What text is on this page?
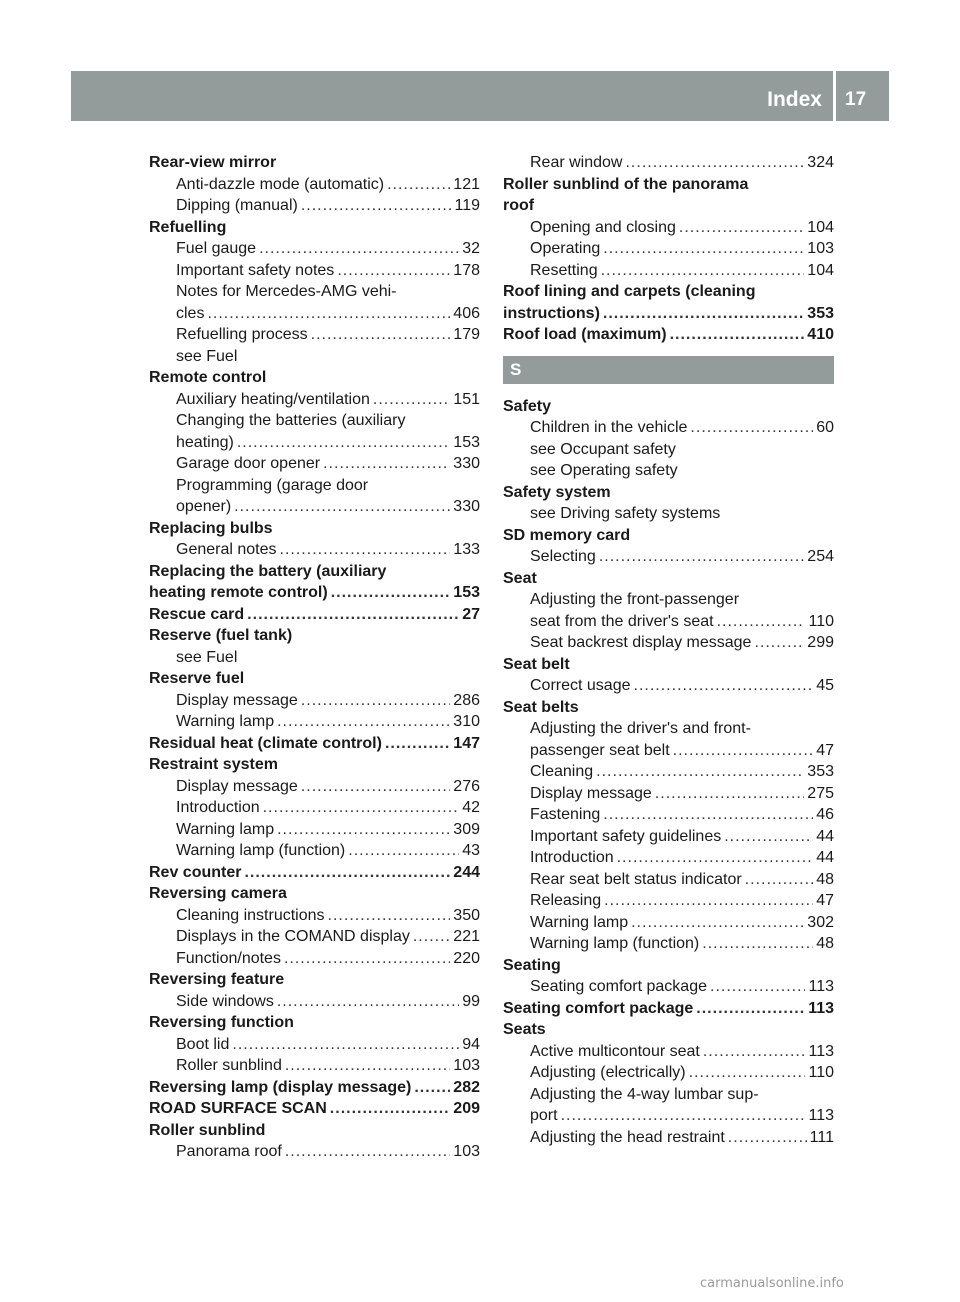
Index 17
Rear-view mirror
Anti-dazzle mode (automatic) .....	121
Dipping (manual) .....	119
Refuelling
Fuel gauge .....	32
Important safety notes .....	178
Notes for Mercedes-AMG vehi-
cles .....	406
Refuelling process .....	179
see Fuel
Remote control
Auxiliary heating/ventilation .....	151
Changing the batteries (auxiliary
heating) .....	153
Garage door opener .....	330
Programming (garage door
opener) .....	330
Replacing bulbs
General notes .....	133
Replacing the battery (auxiliary
heating remote control) .....	153
Rescue card .....	27
Reserve (fuel tank)
see Fuel
Reserve fuel
Display message .....	286
Warning lamp .....	310
Residual heat (climate control) .....	147
Restraint system
Display message .....	276
Introduction .....	42
Warning lamp .....	309
Warning lamp (function) .....	43
Rev counter .....	244
Reversing camera
Cleaning instructions .....	350
Displays in the COMAND display .....	221
Function/notes .....	220
Reversing feature
Side windows .....	99
Reversing function
Boot lid .....	94
Roller sunblind .....	103
Reversing lamp (display message) .....	282
ROAD SURFACE SCAN .....	209
Roller sunblind
Panorama roof .....	103
Rear window .....	324
Roller sunblind of the panorama
roof
Opening and closing .....	104
Operating .....	103
Resetting .....	104
Roof lining and carpets (cleaning
instructions) .....	353
Roof load (maximum) .....	410
S
Safety
Children in the vehicle .....	60
see Occupant safety
see Operating safety
Safety system
see Driving safety systems
SD memory card
Selecting .....	254
Seat
Adjusting the front-passenger
seat from the driver's seat .....	110
Seat backrest display message .....	299
Seat belt
Correct usage .....	45
Seat belts
Adjusting the driver's and front-
passenger seat belt .....	47
Cleaning .....	353
Display message .....	275
Fastening .....	46
Important safety guidelines .....	44
Introduction .....	44
Rear seat belt status indicator .....	48
Releasing .....	47
Warning lamp .....	302
Warning lamp (function) .....	48
Seating
Seating comfort package .....	113
Seating comfort package .....	113
Seats
Active multicontour seat .....	113
Adjusting (electrically) .....	110
Adjusting the 4-way lumbar sup-
port .....	113
Adjusting the head restraint .....	111
carmanualsonline.info
